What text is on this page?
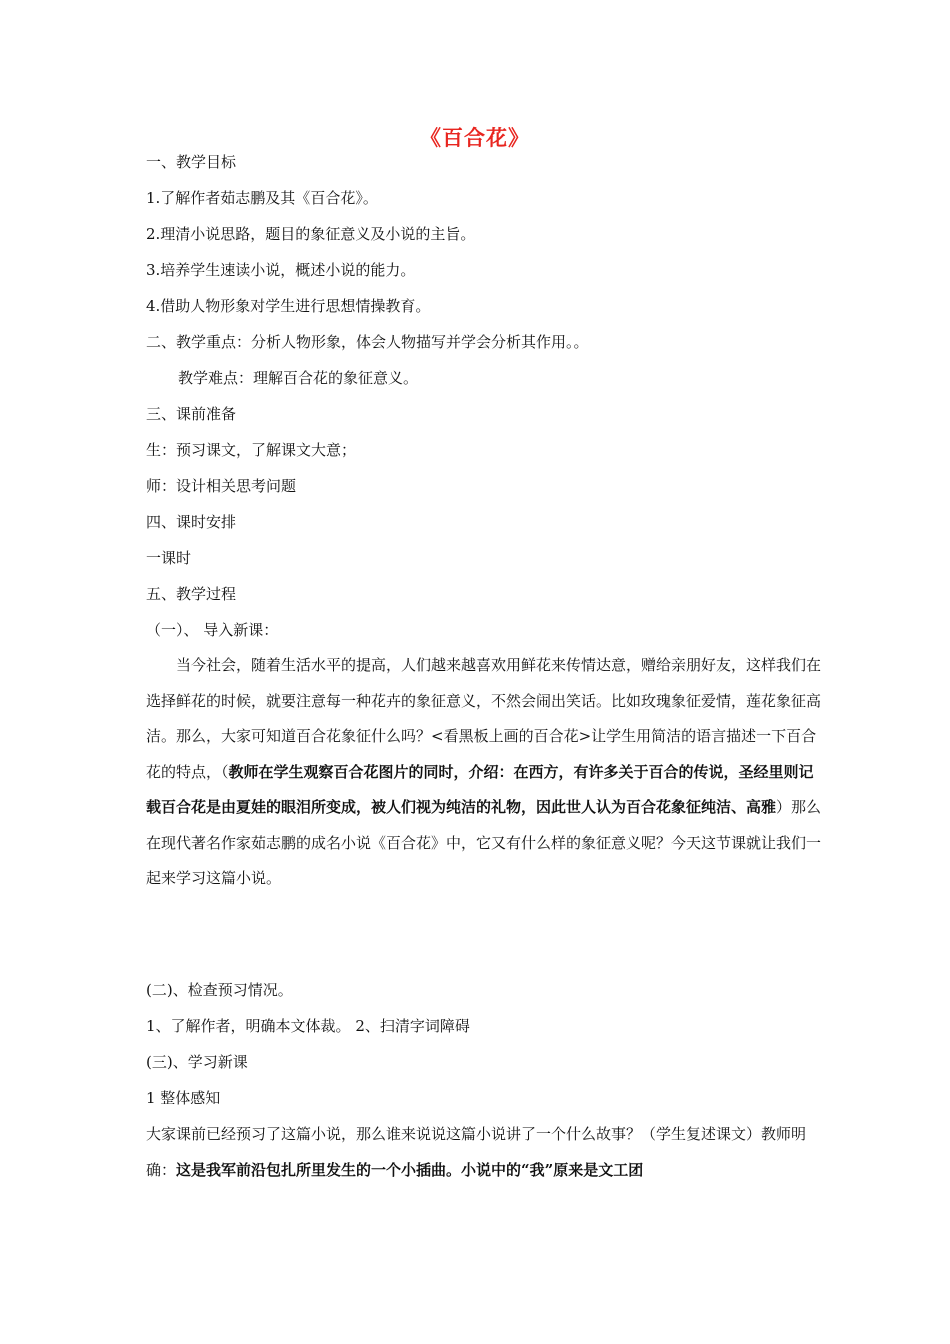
《百合花》
一、教学目标
1.了解作者茹志鹏及其《百合花》。
2.理清小说思路，题目的象征意义及小说的主旨。
3.培养学生速读小说，概述小说的能力。
4.借助人物形象对学生进行思想情操教育。
二、教学重点：分析人物形象，体会人物描写并学会分析其作用。。
教学难点：理解百合花的象征意义。
三、课前准备
生：预习课文，了解课文大意；
师：设计相关思考问题
四、课时安排
一课时
五、教学过程
（一）、 导入新课：

当今社会，随着生活水平的提高，人们越来越喜欢用鲜花来传情达意，赠给亲朋好友，这样我们在选择鲜花的时候，就要注意每一种花卉的象征意义，不然会闹出笑话。比如玫瑰象征爱情，莲花象征高洁。那么，大家可知道百合花象征什么吗？<看黑板上画的百合花>让学生用简洁的语言描述一下百合花的特点，（教师在学生观察百合花图片的同时，介绍：在西方，有许多关于百合的传说，圣经里则记载百合花是由夏娃的眼泪所变成，被人们视为纯洁的礼物，因此世人认为百合花象征纯洁、高雅）那么在现代著名作家茹志鹏的成名小说《百合花》中，它又有什么样的象征意义呢？今天这节课就让我们一起来学习这篇小说。

(二)、检查预习情况。
1、了解作者，明确本文体裁。 2、扫清字词障碍
(三)、学习新课
1 整体感知

大家课前已经预习了这篇小说，那么谁来说说这篇小说讲了一个什么故事？（学生复述课文）教师明确：这是我军前沿包扎所里发生的一个小插曲。小说中的“我”原来是文工团
